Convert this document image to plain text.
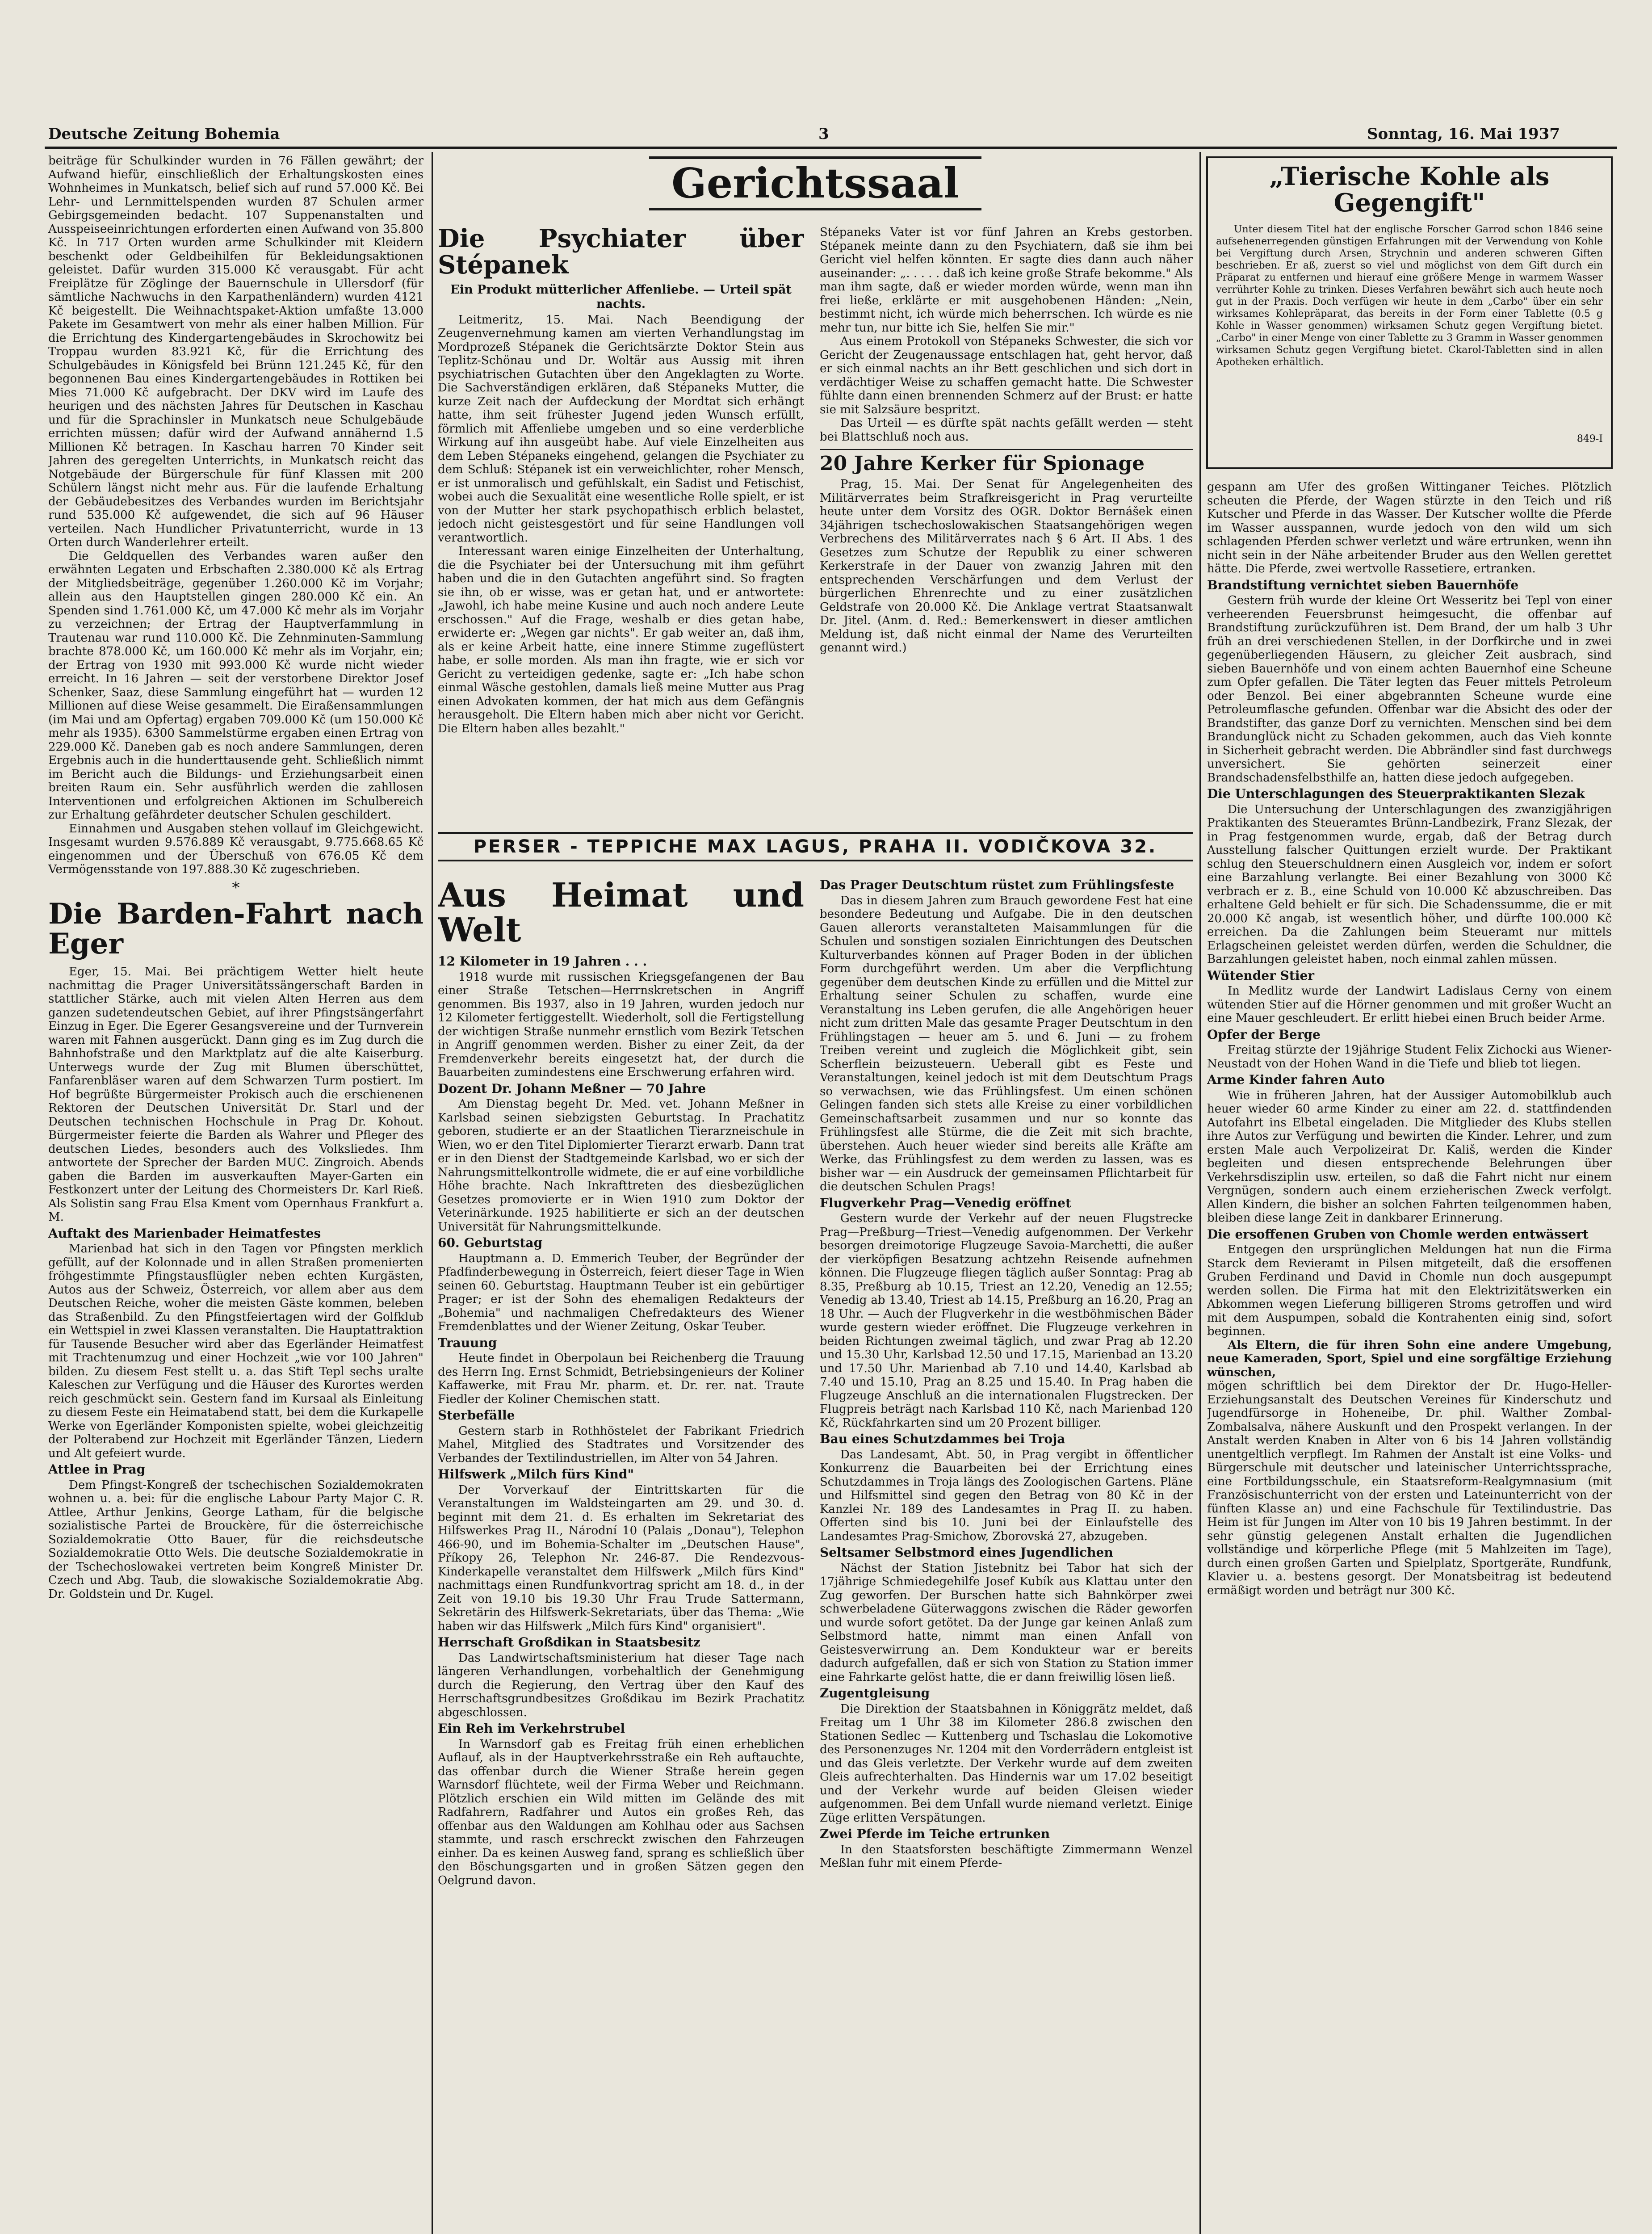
Deutsche Zeitung Bohemia	3	Sonntag, 16. Mai 1937

beiträge für Schulkinder wurden in 76 Fällen gewährt; der Aufwand hiefür, einschließlich der Erhaltungskosten eines Wohnheimes in Munkatsch, belief sich auf rund 57.000 Kč. Bei Lehr- und Lernmittelspenden wurden 87 Schulen armer Gebirgsgemeinden bedacht. 107 Suppenanstalten und Ausspeiseeinrichtungen erforderten einen Aufwand von 35.800 Kč. In 717 Orten wurden arme Schulkinder mit Kleidern beschenkt oder Geldbeihilfen für Bekleidungsaktionen geleistet. Dafür wurden 315.000 Kč verausgabt. Für acht Freiplätze für Zöglinge der Bauernschule in Ullersdorf (für sämtliche Nachwuchs in den Karpathenländern) wurden 4121 Kč beigestellt. Die Weihnachtspaket-Aktion umfaßte 13.000 Pakete im Gesamtwert von mehr als einer halben Million. Für die Errichtung des Kindergartengebäudes in Skrochowitz bei Troppau wurden 83.921 Kč, für die Errichtung des Schulgebäudes in Königsfeld bei Brünn 121.245 Kč, für den begonnenen Bau eines Kindergartengebäudes in Rottiken bei Mies 71.000 Kč aufgebracht. Der DKV wird im Laufe des heurigen und des nächsten Jahres für Deutschen in Kaschau und für die Sprachinsler in Munkatsch neue Schulgebäude errichten müssen; dafür wird der Aufwand annähernd 1.5 Millionen Kč betragen. In Kaschau harren 70 Kinder seit Jahren des geregelten Unterrichts, in Munkatsch reicht das Notgebäude der Bürgerschule für fünf Klassen mit 200 Schülern längst nicht mehr aus. Für die laufende Erhaltung der Gebäudebesitzes des Verbandes wurden im Berichtsjahr rund 535.000 Kč aufgewendet, die sich auf 96 Häuser verteilen. Nach Hundlicher Privatunterricht, wurde in 13 Orten durch Wanderlehrer erteilt.

Die Geldquellen des Verbandes waren außer den erwähnten Legaten und Erbschaften 2.380.000 Kč als Ertrag der Mitgliedsbeiträge, gegenüber 1.260.000 Kč im Vorjahr; allein aus den Hauptstellen gingen 280.000 Kč ein. An Spenden sind 1.761.000 Kč, um 47.000 Kč mehr als im Vorjahr zu verzeichnen; der Ertrag der Hauptverfammlung in Trautenau war rund 110.000 Kč. Die Zehnminuten-Sammlung brachte 878.000 Kč, um 160.000 Kč mehr als im Vorjahr, ein; der Ertrag von 1930 mit 993.000 Kč wurde nicht wieder erreicht. In 16 Jahren — seit der verstorbene Direktor Josef Schenker, Saaz, diese Sammlung eingeführt hat — wurden 12 Millionen auf diese Weise gesammelt. Die Eiraßensammlungen (im Mai und am Opfertag) ergaben 709.000 Kč (um 150.000 Kč mehr als 1935). 6300 Sammelstürme ergaben einen Ertrag von 229.000 Kč. Daneben gab es noch andere Sammlungen, deren Ergebnis auch in die hunderttausende geht. Schließlich nimmt im Bericht auch die Bildungs- und Erziehungsarbeit einen breiten Raum ein. Sehr ausführlich werden die zahllosen Interventionen und erfolgreichen Aktionen im Schulbereich zur Erhaltung gefährdeter deutscher Schulen geschildert.

Einnahmen und Ausgaben stehen vollauf im Gleichgewicht. Insgesamt wurden 9.576.889 Kč verausgabt, 9.775.668.65 Kč eingenommen und der Überschuß von 676.05 Kč dem Vermögensstande von 197.888.30 Kč zugeschrieben.

*

Die Barden-Fahrt nach Eger

Eger, 15. Mai. Bei prächtigem Wetter hielt heute nachmittag die Prager Universitätssängerschaft Barden in stattlicher Stärke, auch mit vielen Alten Herren aus dem ganzen sudetendeutschen Gebiet, auf ihrer Pfingstsängerfahrt Einzug in Eger. Die Egerer Gesangsvereine und der Turnverein waren mit Fahnen ausgerückt. Dann ging es im Zug durch die Bahnhofstraße und den Marktplatz auf die alte Kaiserburg. Unterwegs wurde der Zug mit Blumen überschüttet, Fanfarenbläser waren auf dem Schwarzen Turm postiert. Im Hof begrüßte Bürgermeister Prokisch auch die erschienenen Rektoren der Deutschen Universität Dr. Starl und der Deutschen technischen Hochschule in Prag Dr. Kohout. Bürgermeister feierte die Barden als Wahrer und Pfleger des deutschen Liedes, besonders auch des Volksliedes. Ihm antwortete der Sprecher der Barden MUC. Zingroich. Abends gaben die Barden im ausverkauften Mayer-Garten ein Festkonzert unter der Leitung des Chormeisters Dr. Karl Rieß. Als Solistin sang Frau Elsa Kment vom Opernhaus Frankfurt a. M.

Auftakt des Marienbader Heimatfestes

Marienbad hat sich in den Tagen vor Pfingsten merklich gefüllt, auf der Kolonnade und in allen Straßen promenierten fröhgestimmte Pfingstausflügler neben echten Kurgästen, Autos aus der Schweiz, Österreich, vor allem aber aus dem Deutschen Reiche, woher die meisten Gäste kommen, beleben das Straßenbild. Zu den Pfingstfeiertagen wird der Golfklub ein Wettspiel in zwei Klassen veranstalten. Die Hauptattraktion für Tausende Besucher wird aber das Egerländer Heimatfest mit Trachtenumzug und einer Hochzeit „wie vor 100 Jahren" bilden. Zu diesem Fest stellt u. a. das Stift Tepl sechs uralte Kaleschen zur Verfügung und die Häuser des Kurortes werden reich geschmückt sein. Gestern fand im Kursaal als Einleitung zu diesem Feste ein Heimatabend statt, bei dem die Kurkapelle Werke von Egerländer Komponisten spielte, wobei gleichzeitig der Polterabend zur Hochzeit mit Egerländer Tänzen, Liedern und Alt gefeiert wurde.

Attlee in Prag

Dem Pfingst-Kongreß der tschechischen Sozialdemokraten wohnen u. a. bei: für die englische Labour Party Major C. R. Attlee, Arthur Jenkins, George Latham, für die belgische sozialistische Partei de Brouckère, für die österreichische Sozialdemokratie Otto Bauer, für die reichsdeutsche Sozialdemokratie Otto Wels. Die deutsche Sozialdemokratie in der Tschechoslowakei vertreten beim Kongreß Minister Dr. Czech und Abg. Taub, die slowakische Sozialdemokratie Abg. Dr. Goldstein und Dr. Kugel.

Gerichtssaal
Die Psychiater über Stépanek
Ein Produkt mütterlicher Affenliebe. — Urteil spät nachts.

Leitmeritz, 15. Mai. Nach Beendigung der Zeugenvernehmung kamen am vierten Verhandlungstag im Mordprozeß Stépanek die Gerichtsärzte Doktor Stein aus Teplitz-Schönau und Dr. Woltär aus Aussig mit ihren psychiatrischen Gutachten über den Angeklagten zu Worte. Die Sachverständigen erklären, daß Stépaneks Mutter, die kurze Zeit nach der Aufdeckung der Mordtat sich erhängt hatte, ihm seit frühester Jugend jeden Wunsch erfüllt, förmlich mit Affenliebe umgeben und so eine verderbliche Wirkung auf ihn ausgeübt habe. Auf viele Einzelheiten aus dem Leben Stépaneks eingehend, gelangen die Psychiater zu dem Schluß: Stépanek ist ein verweichlichter, roher Mensch, er ist unmoralisch und gefühlskalt, ein Sadist und Fetischist, wobei auch die Sexualität eine wesentliche Rolle spielt, er ist von der Mutter her stark psychopathisch erblich belastet, jedoch nicht geistesgestört und für seine Handlungen voll verantwortlich.

Interessant waren einige Einzelheiten der Unterhaltung, die die Psychiater bei der Untersuchung mit ihm geführt haben und die in den Gutachten angeführt sind. So fragten sie ihn, ob er wisse, was er getan hat, und er antwortete: „Jawohl, ich habe meine Kusine und auch noch andere Leute erschossen." Auf die Frage, weshalb er dies getan habe, erwiderte er: „Wegen gar nichts". Er gab weiter an, daß ihm, als er keine Arbeit hatte, eine innere Stimme zugeflüstert habe, er solle morden. Als man ihn fragte, wie er sich vor Gericht zu verteidigen gedenke, sagte er: „Ich habe schon einmal Wäsche gestohlen, damals ließ meine Mutter aus Prag einen Advokaten kommen, der hat mich aus dem Gefängnis herausgeholt. Die Eltern haben mich aber nicht vor Gericht. Die Eltern haben alles bezahlt."

Stépaneks Vater ist vor fünf Jahren an Krebs gestorben. Stépanek meinte dann zu den Psychiatern, daß sie ihm bei Gericht viel helfen könnten. Er sagte dies dann auch näher auseinander: „. . . . . daß ich keine große Strafe bekomme." Als man ihm sagte, daß er wieder morden würde, wenn man ihn frei ließe, erklärte er mit ausgehobenen Händen: „Nein, bestimmt nicht, ich würde mich beherrschen. Ich würde es nie mehr tun, nur bitte ich Sie, helfen Sie mir."

Aus einem Protokoll von Stépaneks Schwester, die sich vor Gericht der Zeugenaussage entschlagen hat, geht hervor, daß er sich einmal nachts an ihr Bett geschlichen und sich dort in verdächtiger Weise zu schaffen gemacht hatte. Die Schwester fühlte dann einen brennenden Schmerz auf der Brust: er hatte sie mit Salzsäure bespritzt.

Das Urteil — es dürfte spät nachts gefällt werden — steht bei Blattschluß noch aus.

20 Jahre Kerker für Spionage

Prag, 15. Mai. Der Senat für Angelegenheiten des Militärverrates beim Strafkreisgericht in Prag verurteilte heute unter dem Vorsitz des OGR. Doktor Bernášek einen 34jährigen tschechoslowakischen Staatsangehörigen wegen Verbrechens des Militärverrates nach § 6 Art. II Abs. 1 des Gesetzes zum Schutze der Republik zu einer schweren Kerkerstrafe in der Dauer von zwanzig Jahren mit den entsprechenden Verschärfungen und dem Verlust der bürgerlichen Ehrenrechte und zu einer zusätzlichen Geldstrafe von 20.000 Kč. Die Anklage vertrat Staatsanwalt Dr. Jitel. (Anm. d. Red.: Bemerkenswert in dieser amtlichen Meldung ist, daß nicht einmal der Name des Verurteilten genannt wird.)

PERSER - TEPPICHE MAX LAGUS, PRAHA II. VODIČKOVA 32.
Aus Heimat und Welt
12 Kilometer in 19 Jahren . . .

1918 wurde mit russischen Kriegsgefangenen der Bau einer Straße Tetschen—Herrnskretschen in Angriff genommen. Bis 1937, also in 19 Jahren, wurden jedoch nur 12 Kilometer fertiggestellt. Wiederholt, soll die Fertigstellung der wichtigen Straße nunmehr ernstlich vom Bezirk Tetschen in Angriff genommen werden. Bisher zu einer Zeit, da der Fremdenverkehr bereits eingesetzt hat, der durch die Bauarbeiten zumindestens eine Erschwerung erfahren wird.

Dozent Dr. Johann Meßner — 70 Jahre

Am Dienstag begeht Dr. Med. vet. Johann Meßner in Karlsbad seinen siebzigsten Geburtstag. In Prachatitz geboren, studierte er an der Staatlichen Tierarzneischule in Wien, wo er den Titel Diplomierter Tierarzt erwarb. Dann trat er in den Dienst der Stadtgemeinde Karlsbad, wo er sich der Nahrungsmittelkontrolle widmete, die er auf eine vorbildliche Höhe brachte. Nach Inkrafttreten des diesbezüglichen Gesetzes promovierte er in Wien 1910 zum Doktor der Veterinärkunde. 1925 habilitierte er sich an der deutschen Universität für Nahrungsmittelkunde.

60. Geburtstag

Hauptmann a. D. Emmerich Teuber, der Begründer der Pfadfinderbewegung in Österreich, feiert dieser Tage in Wien seinen 60. Geburtstag. Hauptmann Teuber ist ein gebürtiger Prager; er ist der Sohn des ehemaligen Redakteurs der „Bohemia" und nachmaligen Chefredakteurs des Wiener Fremdenblattes und der Wiener Zeitung, Oskar Teuber.

Trauung

Heute findet in Oberpolaun bei Reichenberg die Trauung des Herrn Ing. Ernst Schmidt, Betriebsingenieurs der Koliner Kaffawerke, mit Frau Mr. pharm. et. Dr. rer. nat. Traute Fiedler der Koliner Chemischen statt.

Sterbefälle

Gestern starb in Rothhöstelet der Fabrikant Friedrich Mahel, Mitglied des Stadtrates und Vorsitzender des Verbandes der Textilindustriellen, im Alter von 54 Jahren.

Hilfswerk „Milch fürs Kind"

Der Vorverkauf der Eintrittskarten für die Veranstaltungen im Waldsteingarten am 29. und 30. d. beginnt mit dem 21. d. Es erhalten im Sekretariat des Hilfswerkes Prag II., Národní 10 (Palais „Donau"), Telephon 466-90, und im Bohemia-Schalter im „Deutschen Hause", Příkopy 26, Telephon Nr. 246-87. Die Rendezvous-Kinderkapelle veranstaltet dem Hilfswerk „Milch fürs Kind" nachmittags einen Rundfunkvortrag spricht am 18. d., in der Zeit von 19.10 bis 19.30 Uhr Frau Trude Sattermann, Sekretärin des Hilfswerk-Sekretariats, über das Thema: „Wie haben wir das Hilfswerk „Milch fürs Kind" organisiert".

Herrschaft Großdikan in Staatsbesitz

Das Landwirtschaftsministerium hat dieser Tage nach längeren Verhandlungen, vorbehaltlich der Genehmigung durch die Regierung, den Vertrag über den Kauf des Herrschaftsgrundbesitzes Großdikau im Bezirk Prachatitz abgeschlossen.

Ein Reh im Verkehrstrubel

In Warnsdorf gab es Freitag früh einen erheblichen Auflauf, als in der Hauptverkehrsstraße ein Reh auftauchte, das offenbar durch die Wiener Straße herein gegen Warnsdorf flüchtete, weil der Firma Weber und Reichmann. Plötzlich erschien ein Wild mitten im Gelände des mit Radfahrern, Radfahrer und Autos ein großes Reh, das offenbar aus den Waldungen am Kohlhau oder aus Sachsen stammte, und rasch erschreckt zwischen den Fahrzeugen einher. Da es keinen Ausweg fand, sprang es schließlich über den Böschungsgarten und in großen Sätzen gegen den Oelgrund davon.

Das Prager Deutschtum rüstet zum Frühlingsfeste

Das in diesem Jahren zum Brauch gewordene Fest hat eine besondere Bedeutung und Aufgabe. Die in den deutschen Gauen allerorts veranstalteten Maisammlungen für die Schulen und sonstigen sozialen Einrichtungen des Deutschen Kulturverbandes können auf Prager Boden in der üblichen Form durchgeführt werden. Um aber die Verpflichtung gegenüber dem deutschen Kinde zu erfüllen und die Mittel zur Erhaltung seiner Schulen zu schaffen, wurde eine Veranstaltung ins Leben gerufen, die alle Angehörigen heuer nicht zum dritten Male das gesamte Prager Deutschtum in den Frühlingstagen — heuer am 5. und 6. Juni — zu frohem Treiben vereint und zugleich die Möglichkeit gibt, sein Scherflein beizusteuern. Ueberall gibt es Feste und Veranstaltungen, keinel jedoch ist mit dem Deutschtum Prags so verwachsen, wie das Frühlingsfest. Um einen schönen Gelingen fanden sich stets alle Kreise zu einer vorbildlichen Gemeinschaftsarbeit zusammen und nur so konnte das Frühlingsfest alle Stürme, die die Zeit mit sich brachte, überstehen. Auch heuer wieder sind bereits alle Kräfte am Werke, das Frühlingsfest zu dem werden zu lassen, was es bisher war — ein Ausdruck der gemeinsamen Pflichtarbeit für die deutschen Schulen Prags!

Flugverkehr Prag—Venedig eröffnet

Gestern wurde der Verkehr auf der neuen Flugstrecke Prag—Preßburg—Triest—Venedig aufgenommen. Der Verkehr besorgen dreimotorige Flugzeuge Savoia-Marchetti, die außer der vierköpfigen Besatzung achtzehn Reisende aufnehmen können. Die Flugzeuge fliegen täglich außer Sonntag: Prag ab 8.35, Preßburg ab 10.15, Triest an 12.20, Venedig an 12.55; Venedig ab 13.40, Triest ab 14.15, Preßburg an 16.20, Prag an 18 Uhr. — Auch der Flugverkehr in die westböhmischen Bäder wurde gestern wieder eröffnet. Die Flugzeuge verkehren in beiden Richtungen zweimal täglich, und zwar Prag ab 12.20 und 15.30 Uhr, Karlsbad 12.50 und 17.15, Marienbad an 13.20 und 17.50 Uhr. Marienbad ab 7.10 und 14.40, Karlsbad ab 7.40 und 15.10, Prag an 8.25 und 15.40. In Prag haben die Flugzeuge Anschluß an die internationalen Flugstrecken. Der Flugpreis beträgt nach Karlsbad 110 Kč, nach Marienbad 120 Kč, Rückfahrkarten sind um 20 Prozent billiger.

Bau eines Schutzdammes bei Troja

Das Landesamt, Abt. 50, in Prag vergibt in öffentlicher Konkurrenz die Bauarbeiten bei der Errichtung eines Schutzdammes in Troja längs des Zoologischen Gartens. Pläne und Hilfsmittel sind gegen den Betrag von 80 Kč in der Kanzlei Nr. 189 des Landesamtes in Prag II. zu haben. Offerten sind bis 10. Juni bei der Einlaufstelle des Landesamtes Prag-Smichow, Zborovská 27, abzugeben.

Seltsamer Selbstmord eines Jugendlichen

Nächst der Station Jistebnitz bei Tabor hat sich der 17jährige Schmiedegehilfe Josef Kubík aus Klattau unter den Zug geworfen. Der Burschen hatte sich Bahnkörper zwei schwerbeladene Güterwaggons zwischen die Räder geworfen und wurde sofort getötet. Da der Junge gar keinen Anlaß zum Selbstmord hatte, nimmt man einen Anfall von Geistesverwirrung an. Dem Kondukteur war er bereits dadurch aufgefallen, daß er sich von Station zu Station immer eine Fahrkarte gelöst hatte, die er dann freiwillig lösen ließ.

Zugentgleisung

Die Direktion der Staatsbahnen in Königgrätz meldet, daß Freitag um 1 Uhr 38 im Kilometer 286.8 zwischen den Stationen Sedlec — Kuttenberg und Tschaslau die Lokomotive des Personenzuges Nr. 1204 mit den Vorderrädern entgleist ist und das Gleis verletzte. Der Verkehr wurde auf dem zweiten Gleis aufrechterhalten. Das Hindernis war um 17.02 beseitigt und der Verkehr wurde auf beiden Gleisen wieder aufgenommen. Bei dem Unfall wurde niemand verletzt. Einige Züge erlitten Verspätungen.

Zwei Pferde im Teiche ertrunken

In den Staatsforsten beschäftigte Zimmermann Wenzel Meßlan fuhr mit einem Pferde-

„Tierische Kohle als Gegengift"
Unter diesem Titel hat der englische Forscher Garrod schon 1846 seine aufsehenerregenden günstigen Erfahrungen mit der Verwendung von Kohle bei Vergiftung durch Arsen, Strychnin und anderen schweren Giften beschrieben. Er aß, zuerst so viel und möglichst von dem Gift durch ein Präparat zu entfernen und hierauf eine größere Menge in warmem Wasser verrührter Kohle zu trinken. Dieses Verfahren bewährt sich auch heute noch gut in der Praxis. Doch verfügen wir heute in dem „Carbo" über ein sehr wirksames Kohlepräparat, das bereits in der Form einer Tablette (0.5 g Kohle in Wasser genommen) wirksamen Schutz gegen Vergiftung bietet. „Carbo" in einer Menge von einer Tablette zu 3 Gramm in Wasser genommen wirksamen Schutz gegen Vergiftung bietet. Ckarol-Tabletten sind in allen Apotheken erhältlich.
849-I

gespann am Ufer des großen Wittinganer Teiches. Plötzlich scheuten die Pferde, der Wagen stürzte in den Teich und riß Kutscher und Pferde in das Wasser. Der Kutscher wollte die Pferde im Wasser ausspannen, wurde jedoch von den wild um sich schlagenden Pferden schwer verletzt und wäre ertrunken, wenn ihn nicht sein in der Nähe arbeitender Bruder aus den Wellen gerettet hätte. Die Pferde, zwei wertvolle Rassetiere, ertranken.

Brandstiftung vernichtet sieben Bauernhöfe

Gestern früh wurde der kleine Ort Wesseritz bei Tepl von einer verheerenden Feuersbrunst heimgesucht, die offenbar auf Brandstiftung zurückzuführen ist. Dem Brand, der um halb 3 Uhr früh an drei verschiedenen Stellen, in der Dorfkirche und in zwei gegenüberliegenden Häusern, zu gleicher Zeit ausbrach, sind sieben Bauernhöfe und von einem achten Bauernhof eine Scheune zum Opfer gefallen. Die Täter legten das Feuer mittels Petroleum oder Benzol. Bei einer abgebrannten Scheune wurde eine Petroleumflasche gefunden. Offenbar war die Absicht des oder der Brandstifter, das ganze Dorf zu vernichten. Menschen sind bei dem Brandunglück nicht zu Schaden gekommen, auch das Vieh konnte in Sicherheit gebracht werden. Die Abbrändler sind fast durchwegs unversichert. Sie gehörten seinerzeit einer Brandschadensfelbsthilfe an, hatten diese jedoch aufgegeben.

Die Unterschlagungen des Steuerpraktikanten Slezak

Die Untersuchung der Unterschlagungen des zwanzigjährigen Praktikanten des Steueramtes Brünn-Landbezirk, Franz Slezak, der in Prag festgenommen wurde, ergab, daß der Betrag durch Ausstellung falscher Quittungen erzielt wurde. Der Praktikant schlug den Steuerschuldnern einen Ausgleich vor, indem er sofort eine Barzahlung verlangte. Bei einer Bezahlung von 3000 Kč verbrach er z. B., eine Schuld von 10.000 Kč abzuschreiben. Das erhaltene Geld behielt er für sich. Die Schadenssumme, die er mit 20.000 Kč angab, ist wesentlich höher, und dürfte 100.000 Kč erreichen. Da die Zahlungen beim Steueramt nur mittels Erlagscheinen geleistet werden dürfen, werden die Schuldner, die Barzahlungen geleistet haben, noch einmal zahlen müssen.

Wütender Stier

In Medlitz wurde der Landwirt Ladislaus Cerny von einem wütenden Stier auf die Hörner genommen und mit großer Wucht an eine Mauer geschleudert. Er erlitt hiebei einen Bruch beider Arme.

Opfer der Berge

Freitag stürzte der 19jährige Student Felix Zichocki aus Wiener-Neustadt von der Hohen Wand in die Tiefe und blieb tot liegen.

Arme Kinder fahren Auto

Wie in früheren Jahren, hat der Aussiger Automobilklub auch heuer wieder 60 arme Kinder zu einer am 22. d. stattfindenden Autofahrt ins Elbetal eingeladen. Die Mitglieder des Klubs stellen ihre Autos zur Verfügung und bewirten die Kinder. Lehrer, und zum ersten Male auch Verpolizeirat Dr. Kališ, werden die Kinder begleiten und diesen entsprechende Belehrungen über Verkehrsdisziplin usw. erteilen, so daß die Fahrt nicht nur einem Vergnügen, sondern auch einem erzieherischen Zweck verfolgt. Allen Kindern, die bisher an solchen Fahrten teilgenommen haben, bleiben diese lange Zeit in dankbarer Erinnerung.

Die ersoffenen Gruben von Chomle werden entwässert

Entgegen den ursprünglichen Meldungen hat nun die Firma Starck dem Revieramt in Pilsen mitgeteilt, daß die ersoffenen Gruben Ferdinand und David in Chomle nun doch ausgepumpt werden sollen. Die Firma hat mit den Elektrizitätswerken ein Abkommen wegen Lieferung billigeren Stroms getroffen und wird mit dem Auspumpen, sobald die Kontrahenten einig sind, sofort beginnen.

Als Eltern, die für ihren Sohn eine andere Umgebung, neue Kameraden, Sport, Spiel und eine sorgfältige Erziehung wünschen,

mögen schriftlich bei dem Direktor der Dr. Hugo-Heller-Erziehungsanstalt des Deutschen Vereines für Kinderschutz und Jugendfürsorge in Hoheneibe, Dr. phil. Walther Zombal-Zombalsalva, nähere Auskunft und den Prospekt verlangen. In der Anstalt werden Knaben in Alter von 6 bis 14 Jahren vollständig unentgeltlich verpflegt. Im Rahmen der Anstalt ist eine Volks- und Bürgerschule mit deutscher und lateinischer Unterrichtssprache, eine Fortbildungsschule, ein Staatsreform-Realgymnasium (mit Französischunterricht von der ersten und Lateinunterricht von der fünften Klasse an) und eine Fachschule für Textilindustrie. Das Heim ist für Jungen im Alter von 10 bis 19 Jahren bestimmt. In der sehr günstig gelegenen Anstalt erhalten die Jugendlichen vollständige und körperliche Pflege (mit 5 Mahlzeiten im Tage), durch einen großen Garten und Spielplatz, Sportgeräte, Rundfunk, Klavier u. a. bestens gesorgt. Der Monatsbeitrag ist bedeutend ermäßigt worden und beträgt nur 300 Kč.
